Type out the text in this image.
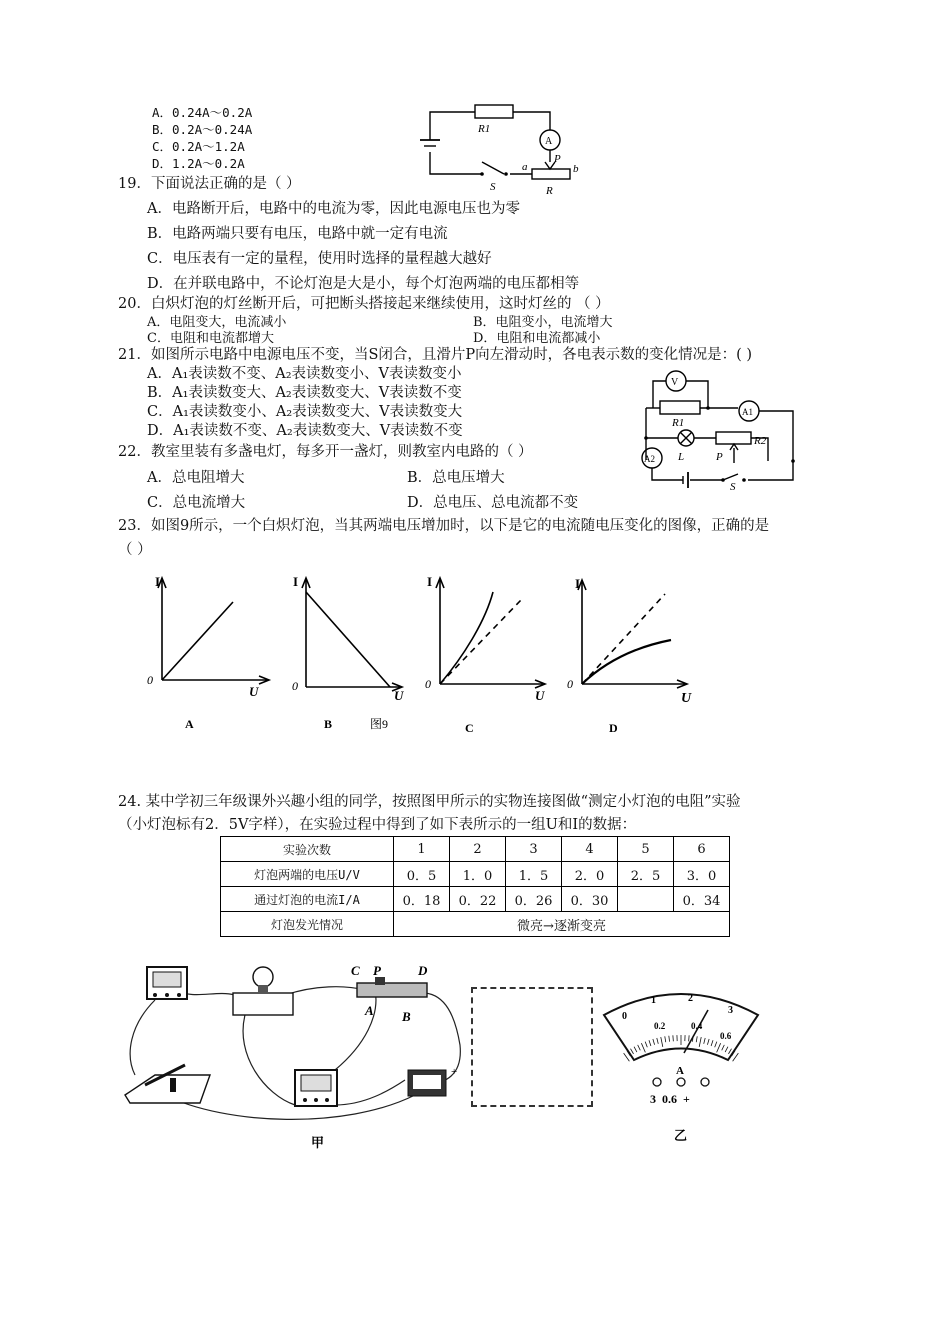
A．0.24A～0.2A
B．0.2A～0.24A
C．0.2A～1.2A
D．1.2A～0.2A
R1
A
P
b
a
S	R
19．下面说法正确的是（ ）
A．电路断开后，电路中的电流为零，因此电源电压也为零
B．电路两端只要有电压，电路中就一定有电流
C．电压表有一定的量程，使用时选择的量程越大越好
D．在并联电路中，不论灯泡是大是小，每个灯泡两端的电压都相等
20．白炽灯泡的灯丝断开后，可把断头搭接起来继续使用，这时灯丝的 （ ）
A．电阻变大，电流减小	B．电阻变小，电流增大
C．电阻和电流都增大	D．电阻和电流都减小
21．如图所示电路中电源电压不变，当S闭合，且滑片P向左滑动时，各电表示数的变化情况是：( )
A．A₁表读数不变、A₂表读数变小、V表读数变小
B．A₁表读数变大、A₂表读数变大、V表读数不变
C．A₁表读数变小、A₂表读数变大、V表读数变大
D．A₁表读数不变、A₂表读数变大、V表读数不变
V
R1
A1
L
R2
A2	P
S
22．教室里装有多盏电灯，每多开一盏灯，则教室内电路的（ ）
A．总电阻增大	B．总电压增大
C．总电流增大	D．总电压、总电流都不变
23．如图9所示，一个白炽灯泡，当其两端电压增加时，以下是它的电流随电压变化的图像，正确的是
（ ）
I
0
U
A
I
0
U
B	图9
I
0
U
C
I
0
U
D
24. 某中学初三年级课外兴趣小组的同学，按照图甲所示的实物连接图做“测定小灯泡的电阻”实验
（小灯泡标有2．5V字样），在实验过程中得到了如下表所示的一组U和I的数据：
实验次数	1	2	3	4	5	6
灯泡两端的电压U/V	0．5	1．0	1．5	2．0	2．5	3．0
通过灯泡的电流I/A	0．18	0．22	0．26	0．30		0．34
灯泡发光情况	微亮→逐渐变亮					
C P	D
A B
+
甲
1	2
3
0
0.2	0.4
0.6
A
3  0.6  +
乙
